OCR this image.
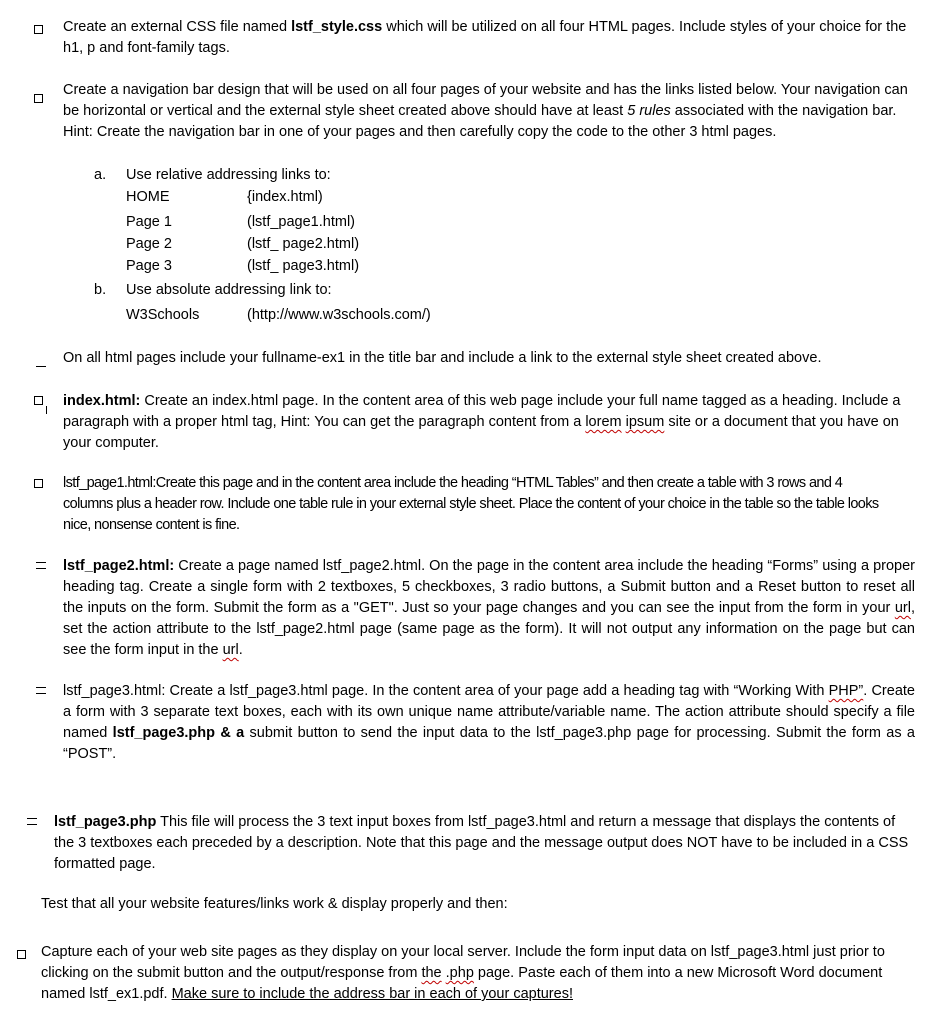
Create an external CSS file named lstf_style.css which will be utilized on all four HTML pages. Include styles of your choice for the h1, p and font-family tags.
Create a navigation bar design that will be used on all four pages of your website and has the links listed below. Your navigation can be horizontal or vertical and the external style sheet created above should have at least 5 rules associated with the navigation bar. Hint: Create the navigation bar in one of your pages and then carefully copy the code to the other 3 html pages.
a. Use relative addressing links to:
HOME	{index.html)
Page 1	(lstf_page1.html)
Page 2	(lstf_ page2.html)
Page 3	(lstf_ page3.html)
b. Use absolute addressing link to:
W3Schools	(http://www.w3schools.com/)
On all html pages include your fullname-ex1 in the title bar and include a link to the external style sheet created above.
index.html: Create an index.html page. In the content area of this web page include your full name tagged as a heading. Include a paragraph with a proper html tag, Hint: You can get the paragraph content from a lorem ipsum site or a document that you have on your computer.
lstf_page1.html:Create this page and in the content area include the heading “HTML Tables” and then create a table with 3 rows and 4 columns plus a header row. Include one table rule in your external style sheet. Place the content of your choice in the table so the table looks nice, nonsense content is fine.
lstf_page2.html: Create a page named lstf_page2.html. On the page in the content area include the heading “Forms” using a proper heading tag. Create a single form with 2 textboxes, 5 checkboxes, 3 radio buttons, a Submit button and a Reset button to reset all the inputs on the form. Submit the form as a "GET". Just so your page changes and you can see the input from the form in your url, set the action attribute to the lstf_page2.html page (same page as the form). It will not output any information on the page but can see the form input in the url.
lstf_page3.html: Create a lstf_page3.html page. In the content area of your page add a heading tag with “Working With PHP”. Create a form with 3 separate text boxes, each with its own unique name attribute/variable name. The action attribute should specify a file named lstf_page3.php & a submit button to send the input data to the lstf_page3.php page for processing. Submit the form as a “POST”.
lstf_page3.php This file will process the 3 text input boxes from lstf_page3.html and return a message that displays the contents of the 3 textboxes each preceded by a description. Note that this page and the message output does NOT have to be included in a CSS formatted page.
Test that all your website features/links work & display properly and then:
Capture each of your web site pages as they display on your local server. Include the form input data on lstf_page3.html just prior to clicking on the submit button and the output/response from the .php page. Paste each of them into a new Microsoft Word document named lstf_ex1.pdf. Make sure to include the address bar in each of your captures!
